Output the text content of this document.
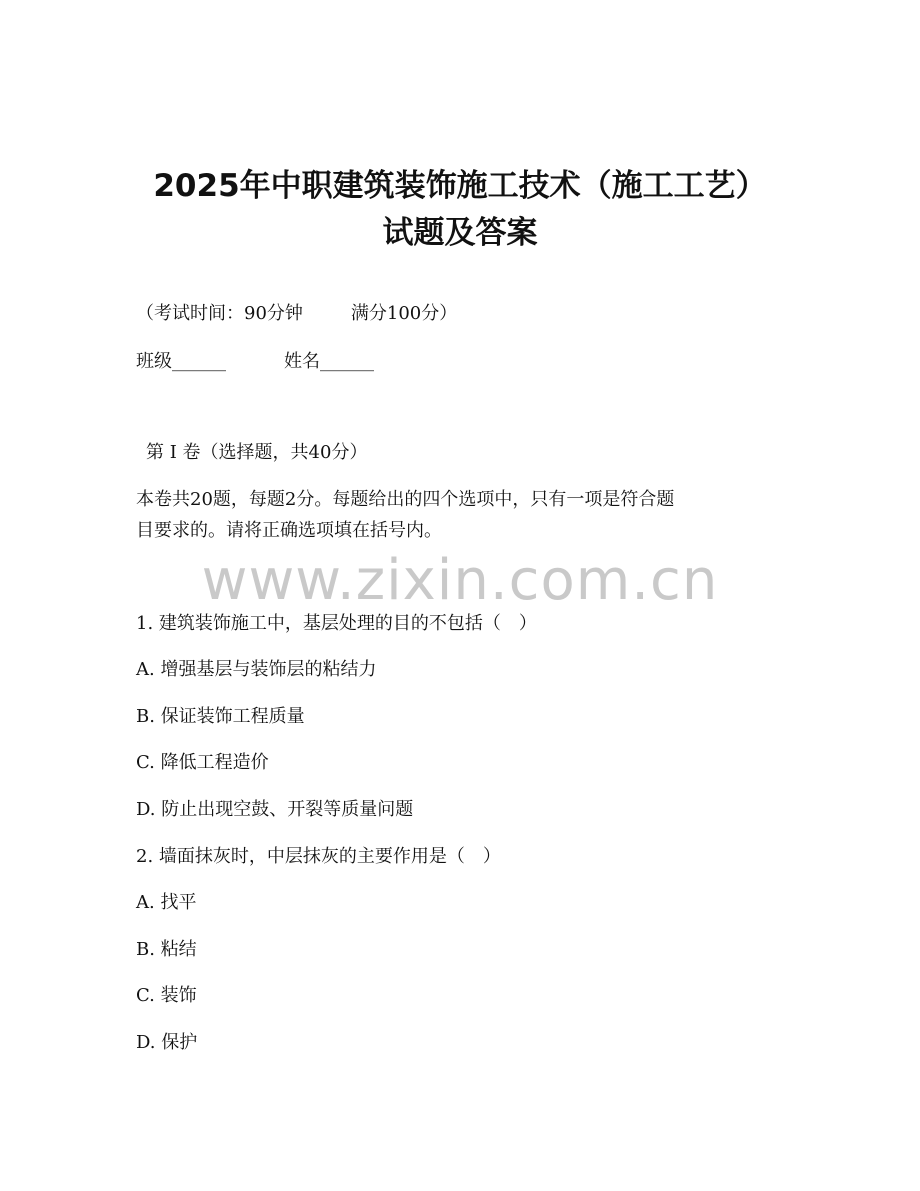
2025年中职建筑装饰施工技术（施工工艺）
试题及答案
（考试时间：90分钟	满分100分）
班级______	姓名______
第 I 卷（选择题，共40分）
本卷共20题，每题2分。每题给出的四个选项中，只有一项是符合题
目要求的。请将正确选项填在括号内。
www.zixin.com.cn
1. 建筑装饰施工中，基层处理的目的不包括（　）
A. 增强基层与装饰层的粘结力
B. 保证装饰工程质量
C. 降低工程造价
D. 防止出现空鼓、开裂等质量问题
2. 墙面抹灰时，中层抹灰的主要作用是（　）
A. 找平
B. 粘结
C. 装饰
D. 保护
